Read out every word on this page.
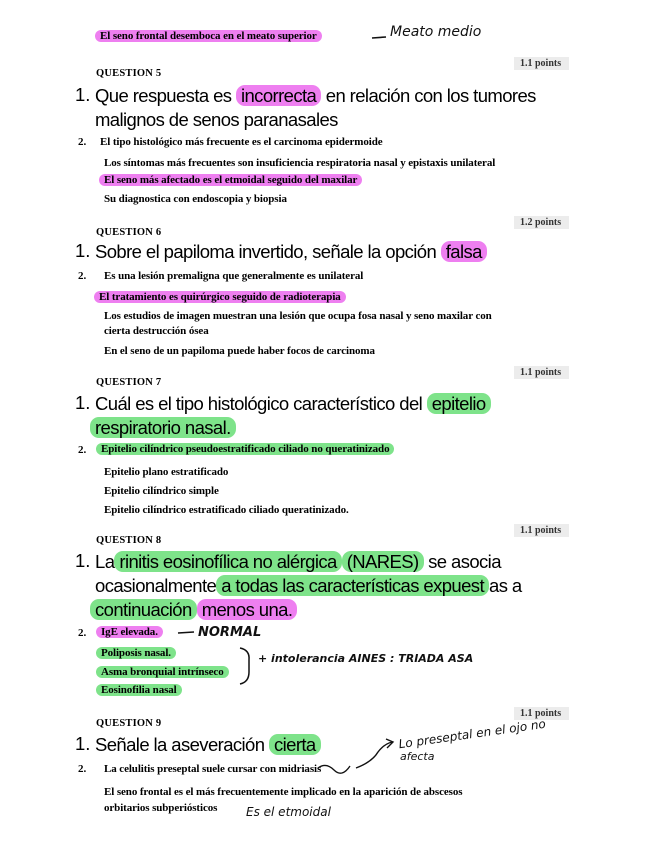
El seno frontal desemboca en el meato superior	Meato medio
1.1 points
QUESTION 5
1. Que respuesta es incorrecta en relación con los tumores
malignos de senos paranasales
2. El tipo histológico más frecuente es el carcinoma epidermoide
Los síntomas más frecuentes son insuficiencia respiratoria nasal y epistaxis unilateral
El seno más afectado es el etmoidal seguido del maxilar
Su diagnostica con endoscopia y biopsia
1.2 points
QUESTION 6
1. Sobre el papiloma invertido, señale la opción falsa
2. Es una lesión premaligna que generalmente es unilateral
El tratamiento es quirúrgico seguido de radioterapia
Los estudios de imagen muestran una lesión que ocupa fosa nasal y seno maxilar con
cierta destrucción ósea
En el seno de un papiloma puede haber focos de carcinoma
1.1 points
QUESTION 7
1. Cuál es el tipo histológico característico del epitelio
respiratorio nasal.
2.	Epitelio cilíndrico pseudoestratificado ciliado no queratinizado
Epitelio plano estratificado
Epitelio cilíndrico simple
Epitelio cilíndrico estratificado ciliado queratinizado.
1.1 points
QUESTION 8
1. La rinitis eosinofílica no alérgica (NARES) se asocia
ocasionalmente a todas las características expuest as a
continuación menos una.
2.	IgE elevada.
Poliposis nasal.
Asma bronquial intrínseco
Eosinofilia nasal
NORMAL
+ intolerancia AINES : TRIADA ASA
1.1 points
QUESTION 9
1. Señale la aseveración cierta
2. La celulitis preseptal suele cursar con midriasis
El seno frontal es el más frecuentemente implicado en la aparición de abscesos
orbitarios subperiósticos
Lo preseptal en el ojo no
afecta
Es el etmoidal
